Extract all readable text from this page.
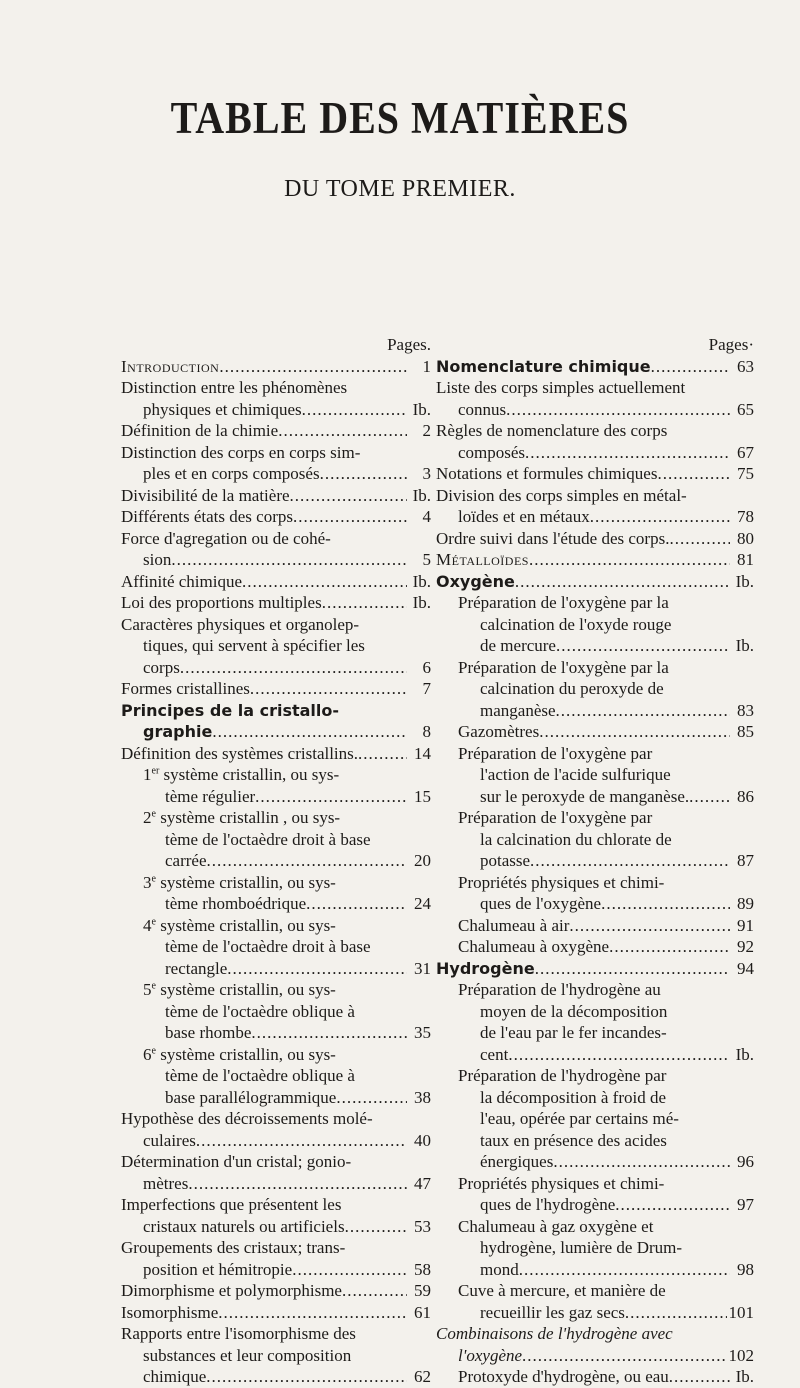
TABLE DES MATIÈRES
DU TOME PREMIER.
Pages.
Introduction .....	1
Distinction entre les phénomènes
physiques et chimiques .....	Ib.
Définition de la chimie .....	2
Distinction des corps en corps sim-
ples et en corps composés .....	3
Divisibilité de la matière .....	Ib.
Différents états des corps .....	4
Force d'agregation ou de cohé-
sion .....	5
Affinité chimique .....	Ib.
Loi des proportions multiples .....	Ib.
Caractères physiques et organolep-
tiques, qui servent à spécifier les
corps .....	6
Formes cristallines .....	7
Principes de la cristallo-
graphie .....	8
Définition des systèmes cristallins. .....	14
1er système cristallin, ou sys-
tème régulier .....	15
2e système cristallin , ou sys-
tème de l'octaèdre droit à base
carrée .....	20
3e système cristallin, ou sys-
tème rhomboédrique .....	24
4e système cristallin, ou sys-
tème de l'octaèdre droit à base
rectangle .....	31
5e système cristallin, ou sys-
tème de l'octaèdre oblique à
base rhombe .....	35
6e système cristallin, ou sys-
tème de l'octaèdre oblique à
base parallélogrammique .....	38
Hypothèse des décroissements molé-
culaires .....	40
Détermination d'un cristal; gonio-
mètres .....	47
Imperfections que présentent les
cristaux naturels ou artificiels .....	53
Groupements des cristaux; trans-
position et hémitropie .....	58
Dimorphisme et polymorphisme .....	59
Isomorphisme .....	61
Rapports entre l'isomorphisme des
substances et leur composition
chimique .....	62
Pages·
Nomenclature chimique .....	63
Liste des corps simples actuellement
connus .....	65
Règles de nomenclature des corps
composés .....	67
Notations et formules chimiques .....	75
Division des corps simples en métal-
loïdes et en métaux .....	78
Ordre suivi dans l'étude des corps. .....	80
Métalloïdes .....	81
Oxygène .....	Ib.
Préparation de l'oxygène par la
calcination de l'oxyde rouge
de mercure .....	Ib.
Préparation de l'oxygène par la
calcination du peroxyde de
manganèse .....	83
Gazomètres .....	85
Préparation de l'oxygène par
l'action de l'acide sulfurique
sur le peroxyde de manganèse. .....	86
Préparation de l'oxygène par
la calcination du chlorate de
potasse .....	87
Propriétés physiques et chimi-
ques de l'oxygène .....	89
Chalumeau à air .....	91
Chalumeau à oxygène .....	92
Hydrogène .....	94
Préparation de l'hydrogène au
moyen de la décomposition
de l'eau par le fer incandes-
cent .....	Ib.
Préparation de l'hydrogène par
la décomposition à froid de
l'eau, opérée par certains mé-
taux en présence des acides
énergiques .....	96
Propriétés physiques et chimi-
ques de l'hydrogène .....	97
Chalumeau à gaz oxygène et
hydrogène, lumière de Drum-
mond .....	98
Cuve à mercure, et manière de
recueillir les gaz secs .....	101
Combinaisons de l'hydrogène avec
l'oxygène .....	102
Protoxyde d'hydrogène, ou eau .....	Ib.
